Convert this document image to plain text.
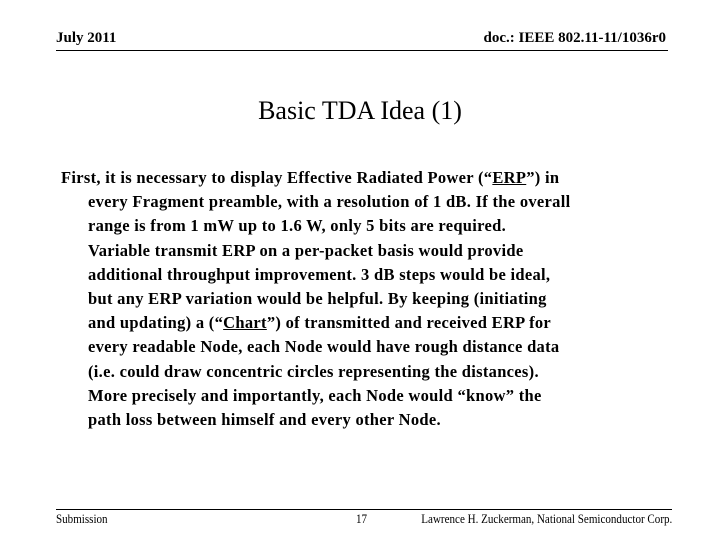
July 2011	doc.: IEEE 802.11-11/1036r0
Basic TDA Idea (1)
First, it is necessary to display Effective Radiated Power (“ERP”) in
every Fragment preamble, with a resolution of 1 dB. If the overall
range is from 1 mW up to 1.6 W, only 5 bits are required.
Variable transmit ERP on a per-packet basis would provide
additional throughput improvement. 3 dB steps would be ideal,
but any ERP variation would be helpful. By keeping (initiating
and updating) a (“Chart”) of transmitted and received ERP for
every readable Node, each Node would have rough distance data
(i.e. could draw concentric circles representing the distances).
More precisely and importantly, each Node would “know” the
path loss between himself and every other Node.
Submission	17	Lawrence H. Zuckerman, National Semiconductor Corp.
